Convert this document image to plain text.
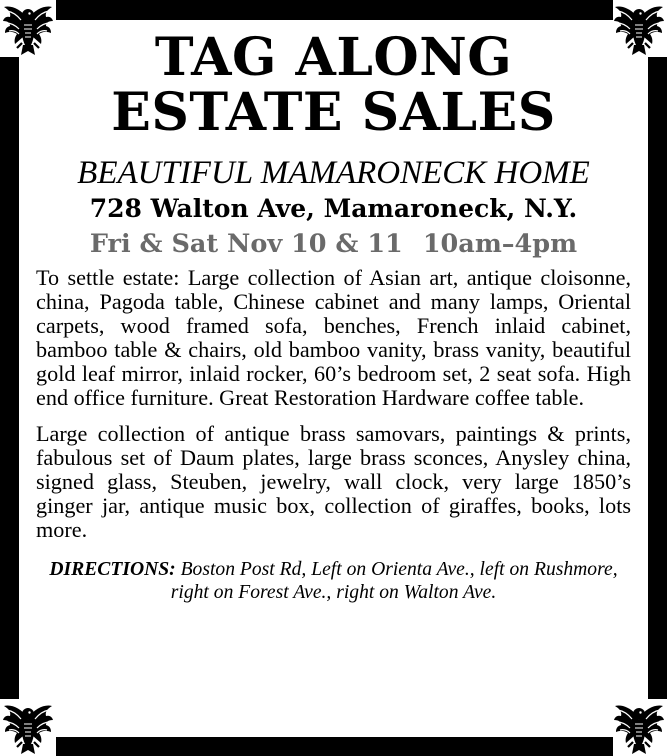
TAG ALONG
ESTATE SALES
BEAUTIFUL MAMARONECK HOME
728 Walton Ave, Mamaroneck, N.Y.
Fri & Sat Nov 10 & 11 10am–4pm

To settle estate: Large collection of Asian art, antique cloisonne, china, Pagoda table, Chinese cabinet and many lamps, Oriental carpets, wood framed sofa, benches, French inlaid cabinet, bamboo table & chairs, old bamboo vanity, brass vanity, beautiful gold leaf mirror, inlaid rocker, 60’s bedroom set, 2 seat sofa. High end office furniture. Great Restoration Hardware coffee table.

Large collection of antique brass samovars, paintings & prints, fabulous set of Daum plates, large brass sconces, Anysley china, signed glass, Steuben, jewelry, wall clock, very large 1850’s ginger jar, antique music box, collection of giraffes, books, lots more.

DIRECTIONS: Boston Post Rd, Left on Orienta Ave., left on Rushmore, right on Forest Ave., right on Walton Ave.
